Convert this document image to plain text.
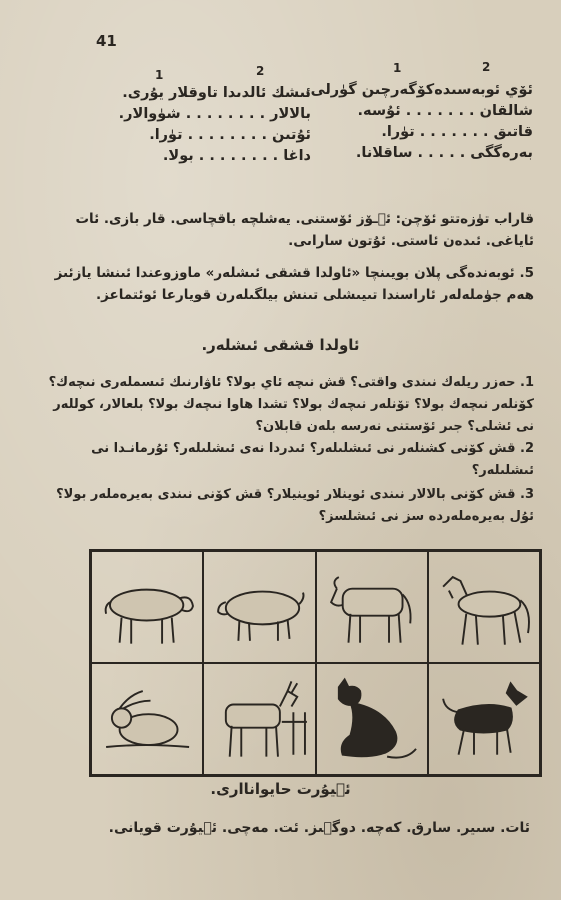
41
1	2	1	2
ئۆي ئوبەسىدەكۆگەرچىن گۈرلى.
شالقان . . . . . . . ئۇسە.
قاتىق . . . . . . . تۈرا.
بەرەگگى . . . . . ساقلانا.
ئىشك ئالدىدا تاوقلار يۇرى.
بالالار . . . . . . . . شۈوالار.
ئۇتىن . . . . . . . . تۈرا.
داغا . . . . . . . . بولا.
قاراب تۈزەتتو ئۆچن: ئ٘ـۆز ئۆستنى. يەشلچە باقچاسى. قار بازى. ئات ئاياغى. ئىدەن ئاستى. ئۇتون ساراىى.
5. ئوبەندەگى پلان بويىنچا «ئاولدا قشقى ئىشلەر» ماوزوعندا ئىنشا يازئىز ھەم جۈملەلەر ئاراسندا تىيىشلى تىنش بيلگىلەرن قويارعا ئوئتماعز.
ئاولدا قشقى ئىشلەر.
1. حەزر ريلەك نىندى واقتى؟ قش نىچە ئاي بولا؟ ئاۋارنىك ئىسملەرى نىچەك؟ كۆنلەر نىچەك بولا؟ تۆنلەر نىچەك بولا؟ تشدا ھاوا نىچەك بولا؟ بلعالار، كوللەر نى ئشلى؟ جىر ئۆستنى نەرسە بلەن قابلان؟
2. قش كۆنى كشنلەر نى ئىشلىلەر؟ ئىدردا نەى ئىشلىلەر؟ ئۇرمانـدا نى ئىشلىلەر؟
3. قش كۆنى بالالار نىندى ئوينلار ئوينيلار؟ قش كۆنى نىندى بەيرەملەر بولا؟ ئۇل بەيرەملەردە سز نى ئىشلسز؟
ئ٘يۇرت حايواناارى.
ئات. سىير. سارق. كەچە. دوگ٘ىز. ئت. مەچى. ئ٘يۇرت قويانى.
